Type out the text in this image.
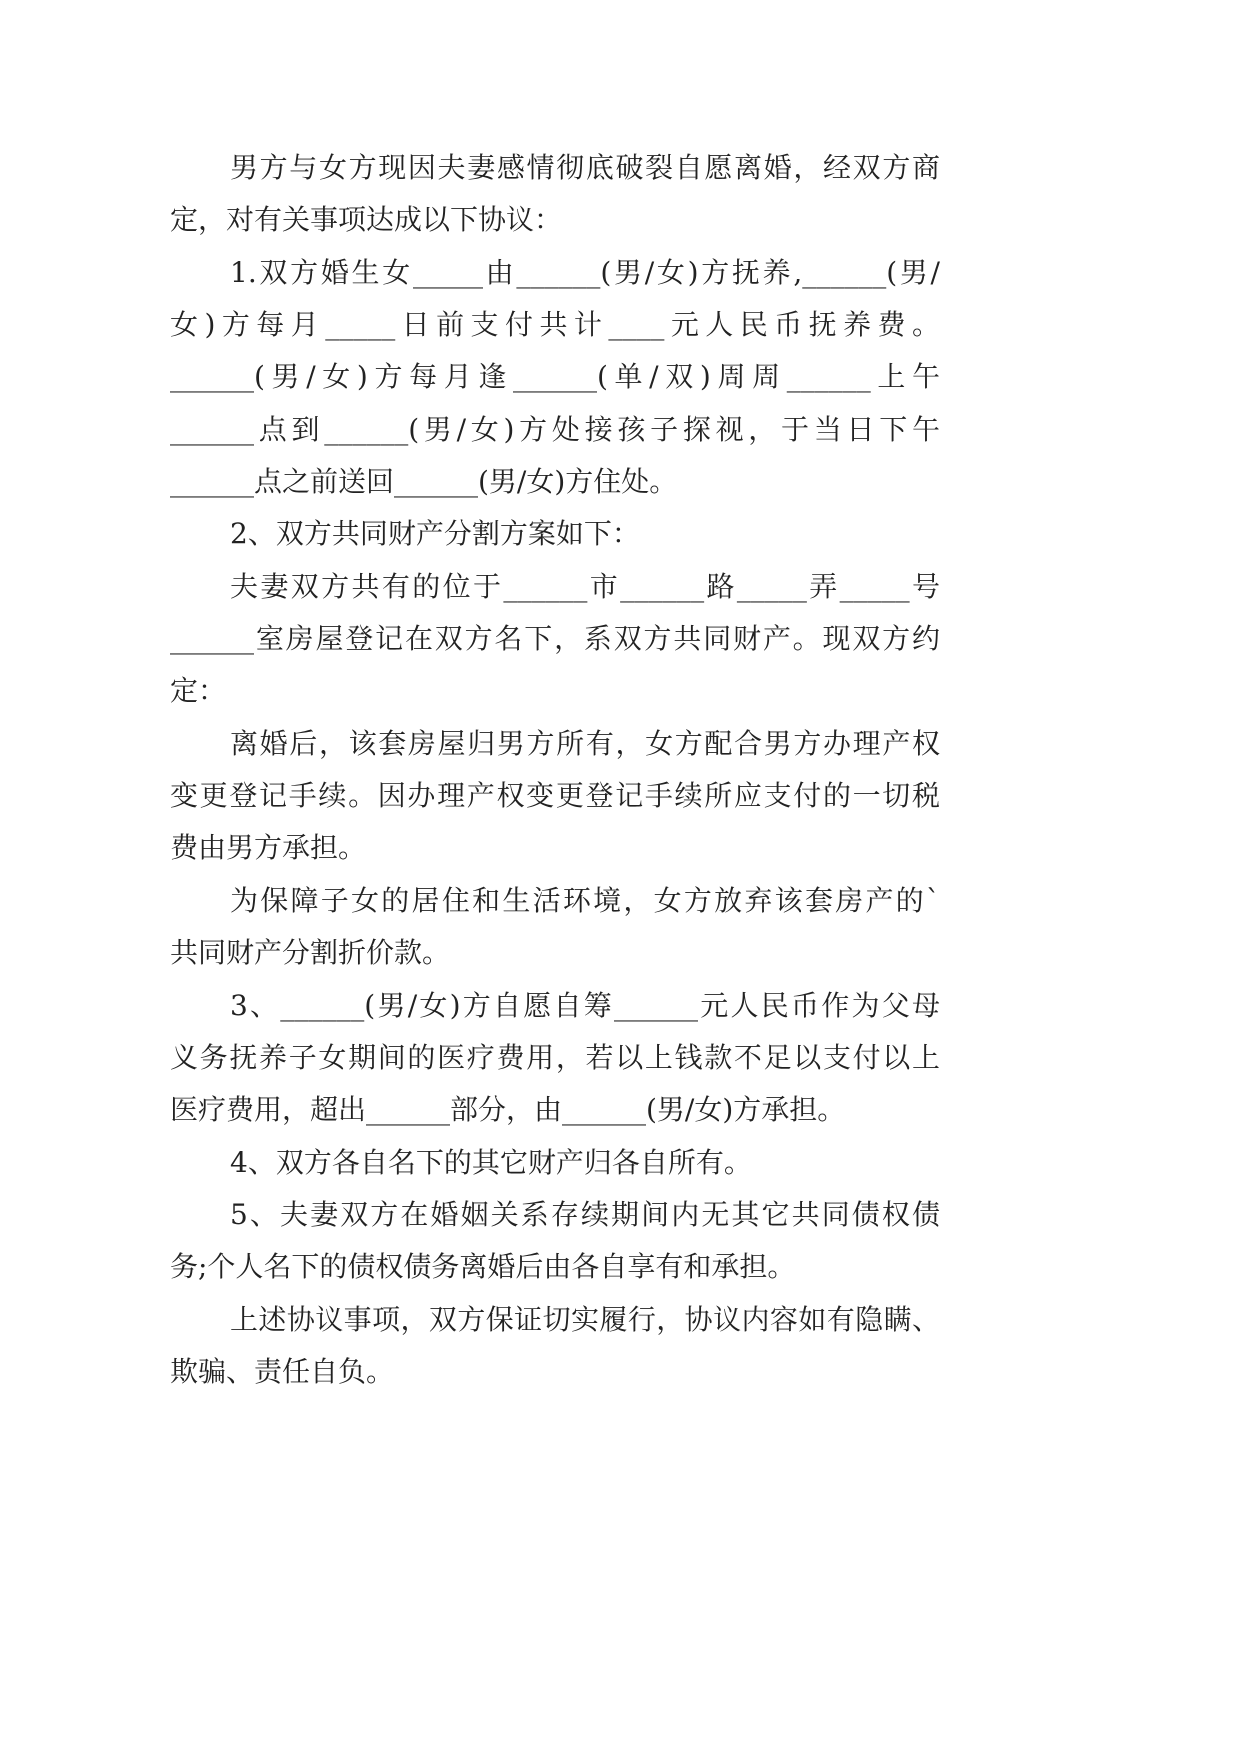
男方与女方现因夫妻感情彻底破裂自愿离婚，经双方商
定，对有关事项达成以下协议：
1.双方婚生女_____由______(男/女)方抚养,______(男/
女)方每月_____日前支付共计____元人民币抚养费。
______(男/女)方每月逢______(单/双)周周______上午
______点到______(男/女)方处接孩子探视，于当日下午
______点之前送回______(男/女)方住处。
2、双方共同财产分割方案如下：
夫妻双方共有的位于______市______路_____弄_____号
______室房屋登记在双方名下，系双方共同财产。现双方约
定：
离婚后，该套房屋归男方所有，女方配合男方办理产权
变更登记手续。因办理产权变更登记手续所应支付的一切税
费由男方承担。
为保障子女的居住和生活环境，女方放弃该套房产的`
共同财产分割折价款。
3、______(男/女)方自愿自筹______元人民币作为父母
义务抚养子女期间的医疗费用，若以上钱款不足以支付以上
医疗费用，超出______部分，由______(男/女)方承担。
4、双方各自名下的其它财产归各自所有。
5、夫妻双方在婚姻关系存续期间内无其它共同债权债
务;个人名下的债权债务离婚后由各自享有和承担。
上述协议事项，双方保证切实履行，协议内容如有隐瞒、
欺骗、责任自负。
